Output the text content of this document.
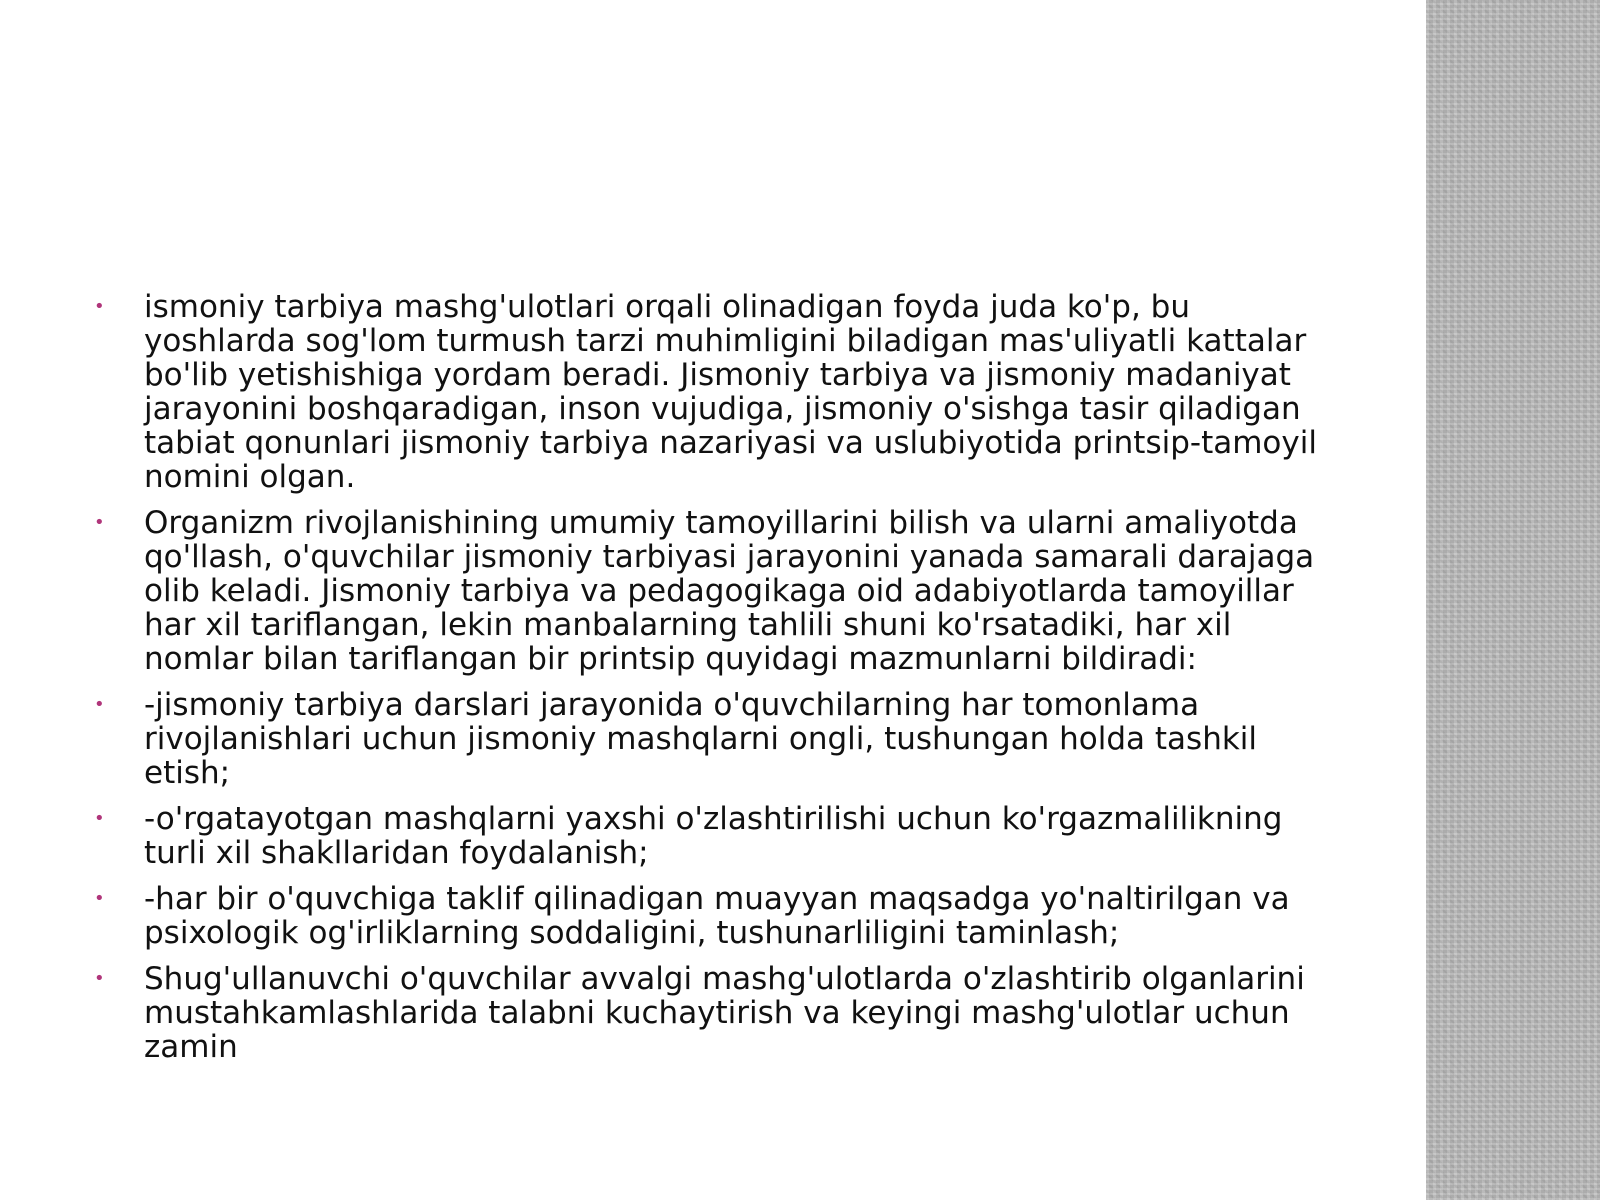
• ismoniy tarbiya mashg'ulotlari orqali olinadigan foyda juda ko'p, bu yoshlarda sog'lom turmush tarzi muhimligini biladigan mas'uliyatli kattalar bo'lib yetishishiga yordam beradi. Jismoniy tarbiya va jismoniy madaniyat jarayonini boshqaradigan, inson vujudiga, jismoniy o'sishga tasir qiladigan tabiat qonunlari jismoniy tarbiya nazariyasi va uslubiyotida printsip-tamoyil nomini olgan.
• Organizm rivojlanishining umumiy tamoyillarini bilish va ularni amaliyotda qo'llash, o'quvchilar jismoniy tarbiyasi jarayonini yanada samarali darajaga olib keladi. Jismoniy tarbiya va pedagogikaga oid adabiyotlarda tamoyillar har xil tariflangan, lekin manbalarning tahlili shuni ko'rsatadiki, har xil nomlar bilan tariflangan bir printsip quyidagi mazmunlarni bildiradi:
• -jismoniy tarbiya darslari jarayonida o'quvchilarning har tomonlama rivojlanishlari uchun jismoniy mashqlarni ongli, tushungan holda tashkil etish;
• -o'rgatayotgan mashqlarni yaxshi o'zlashtirilishi uchun ko'rgazmalilikning turli xil shakllaridan foydalanish;
• -har bir o'quvchiga taklif qilinadigan muayyan maqsadga yo'naltirilgan va psixologik og'irliklarning soddaligini, tushunarliligini taminlash;
• Shug'ullanuvchi o'quvchilar avvalgi mashg'ulotlarda o'zlashtirib olganlarini mustahkamlashlarida talabni kuchaytirish va keyingi mashg'ulotlar uchun zamin
